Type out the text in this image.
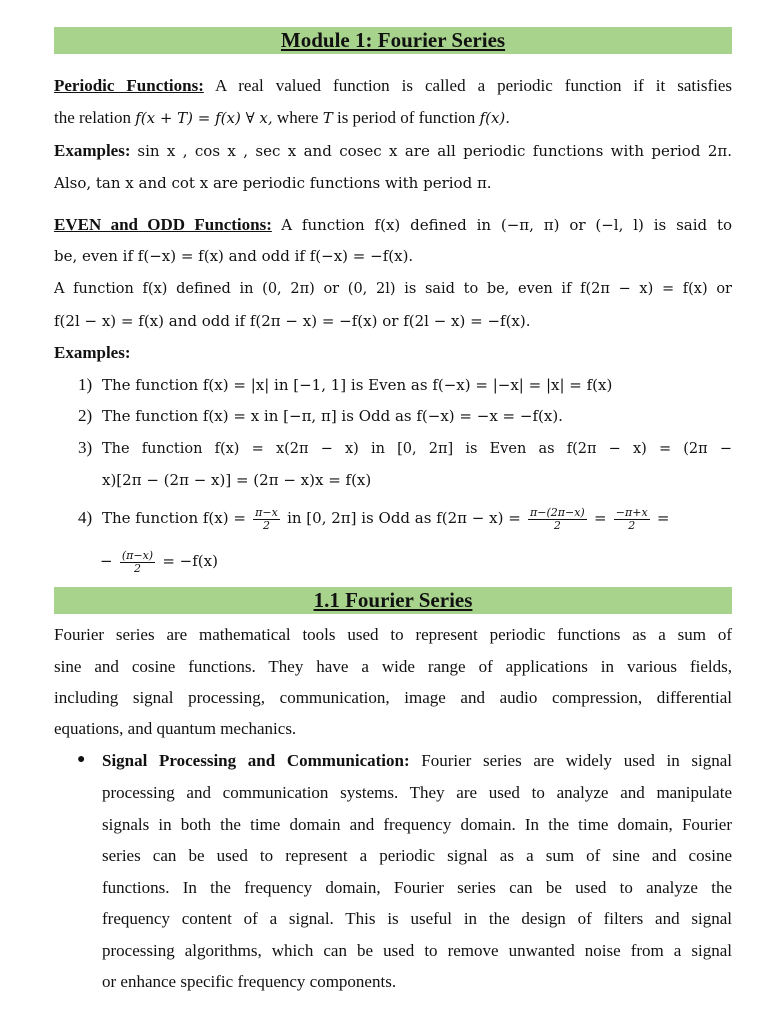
Module 1: Fourier Series
Periodic Functions: A real valued function is called a periodic function if it satisfies
the relation f(x + T) = f(x) ∀ x, where T is period of function f(x).
Examples: sin x , cos x , sec x and cosec x are all periodic functions with period 2π.
Also, tan x and cot x are periodic functions with period π.
EVEN and ODD Functions: A function f(x) defined in (−π, π) or (−l, l) is said to
be, even if f(−x) = f(x) and odd if f(−x) = −f(x).
A function f(x) defined in (0, 2π) or (0, 2l) is said to be, even if f(2π − x) = f(x) or
f(2l − x) = f(x) and odd if f(2π − x) = −f(x) or f(2l − x) = −f(x).
Examples:
1) The function f(x) = |x| in [−1, 1] is Even as f(−x) = |−x| = |x| = f(x)
2) The function f(x) = x in [−π, π] is Odd as f(−x) = −x = −f(x).
3) The function f(x) = x(2π − x) in [0, 2π] is Even as f(2π − x) = (2π −
x)[2π − (2π − x)] = (2π − x)x = f(x)
4) The function $f(x) = \frac{\pi-x}{2}$ in [0, 2π] is Odd as $f(2\pi - x) = \frac{\pi-(2\pi-x)}{2} = \frac{-\pi+x}{2}$ =
− $\frac{(\pi-x)}{2} = -f(x)$
1.1 Fourier Series
Fourier series are mathematical tools used to represent periodic functions as a sum of
sine and cosine functions. They have a wide range of applications in various fields,
including signal processing, communication, image and audio compression, differential
equations, and quantum mechanics.
● Signal Processing and Communication: Fourier series are widely used in signal
processing and communication systems. They are used to analyze and manipulate
signals in both the time domain and frequency domain. In the time domain, Fourier
series can be used to represent a periodic signal as a sum of sine and cosine
functions. In the frequency domain, Fourier series can be used to analyze the
frequency content of a signal. This is useful in the design of filters and signal
processing algorithms, which can be used to remove unwanted noise from a signal
or enhance specific frequency components.
